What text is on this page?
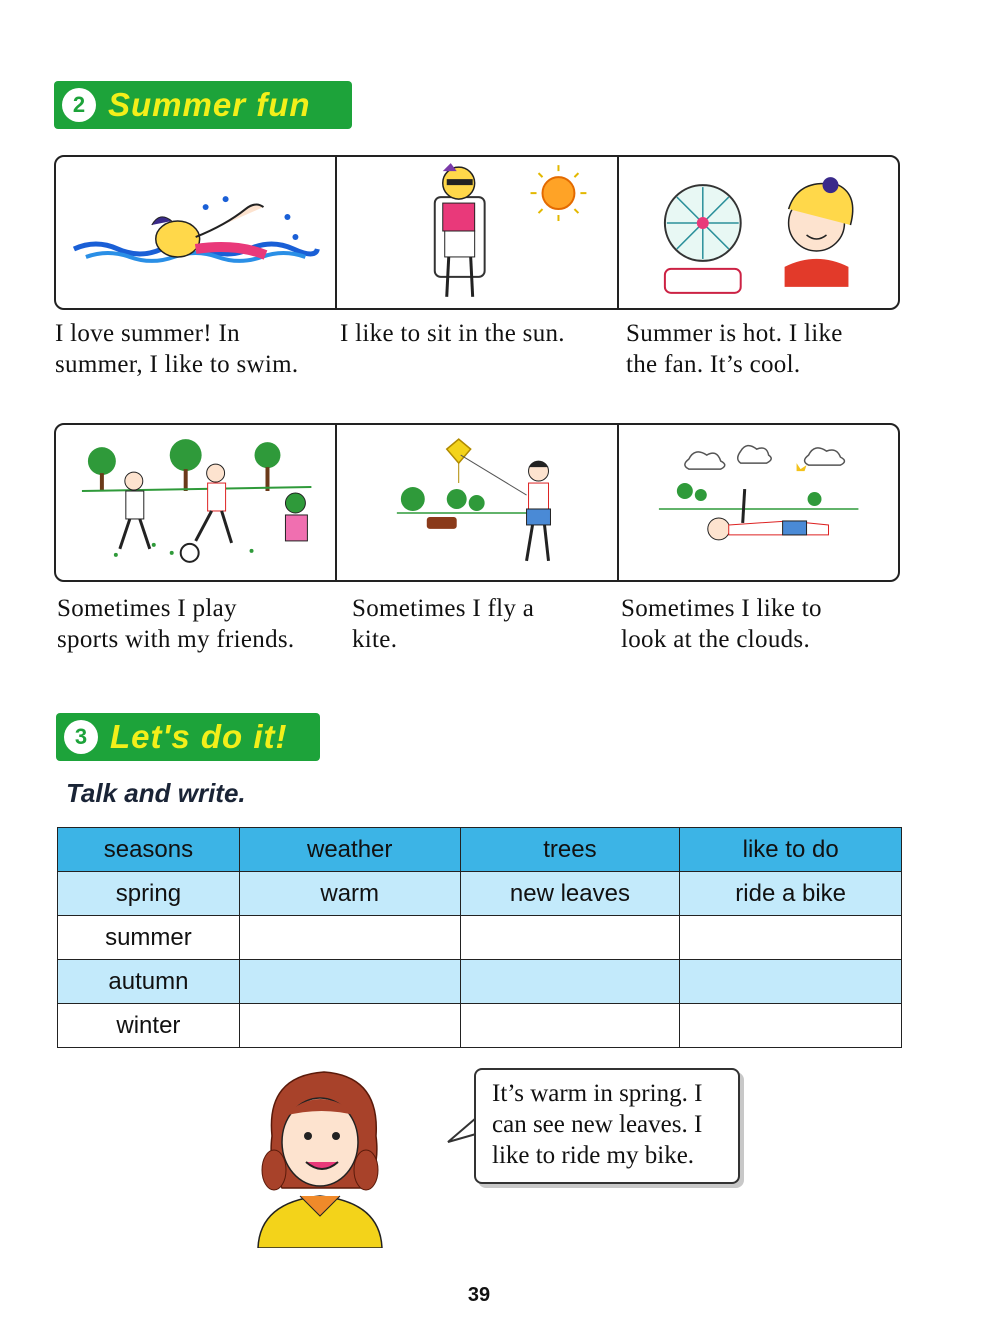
2 Summer fun
I love summer! In
summer, I like to swim.
I like to sit in the sun. Summer is hot. I like
the fan. It’s cool.
Sometimes I play
sports with my friends.
Sometimes I fly a
kite.
Sometimes I like to
look at the clouds.
3 Let's do it!
Talk and write.
seasons	weather	trees	like to do
spring	warm	new leaves	ride a bike
summer			
autumn			
winter			
It’s warm in spring. I
can see new leaves. I
like to ride my bike.
39
